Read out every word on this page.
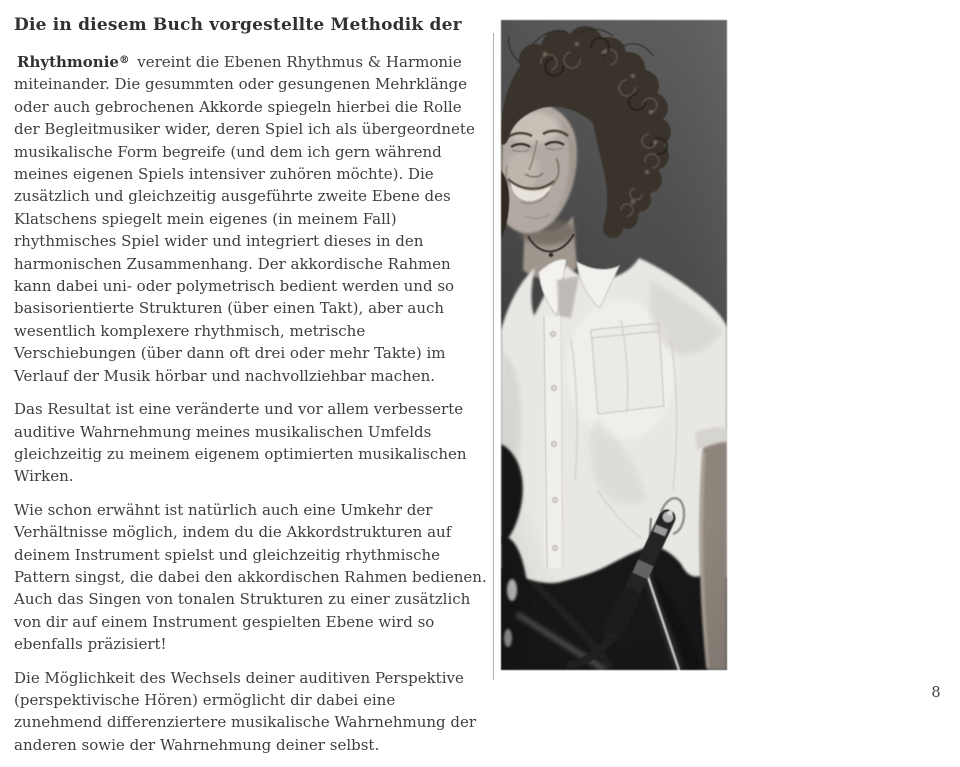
Die in diesem Buch vorgestellte Methodik der

Rhythmonie® vereint die Ebenen Rhythmus & Harmonie miteinander. Die gesummten oder gesungenen Mehrklänge oder auch gebrochenen Akkorde spiegeln hierbei die Rolle der Begleitmusiker wider, deren Spiel ich als übergeordnete musikalische Form begreife (und dem ich gern während meines eigenen Spiels intensiver zuhören möchte). Die zusätzlich und gleichzeitig ausgeführte zweite Ebene des Klatschens spiegelt mein eigenes (in meinem Fall) rhythmisches Spiel wider und integriert dieses in den harmonischen Zusammenhang. Der akkordische Rahmen kann dabei uni- oder polymetrisch bedient werden und so basisorientierte Strukturen (über einen Takt), aber auch wesentlich komplexere rhythmisch, metrische Verschiebungen (über dann oft drei oder mehr Takte) im Verlauf der Musik hörbar und nachvollziehbar machen.

Das Resultat ist eine veränderte und vor allem verbesserte auditive Wahrnehmung meines musikalischen Umfelds gleichzeitig zu meinem eigenem optimierten musikalischen Wirken.

Wie schon erwähnt ist natürlich auch eine Umkehr der Verhältnisse möglich, indem du die Akkordstrukturen auf deinem Instrument spielst und gleichzeitig rhythmische Pattern singst, die dabei den akkordischen Rahmen bedienen. Auch das Singen von tonalen Strukturen zu einer zusätzlich von dir auf einem Instrument gespielten Ebene wird so ebenfalls präzisiert!

Die Möglichkeit des Wechsels deiner auditiven Perspektive (perspektivische Hören) ermöglicht dir dabei eine zunehmend differenziertere musikalische Wahrnehmung der anderen sowie der Wahrnehmung deiner selbst.

8
